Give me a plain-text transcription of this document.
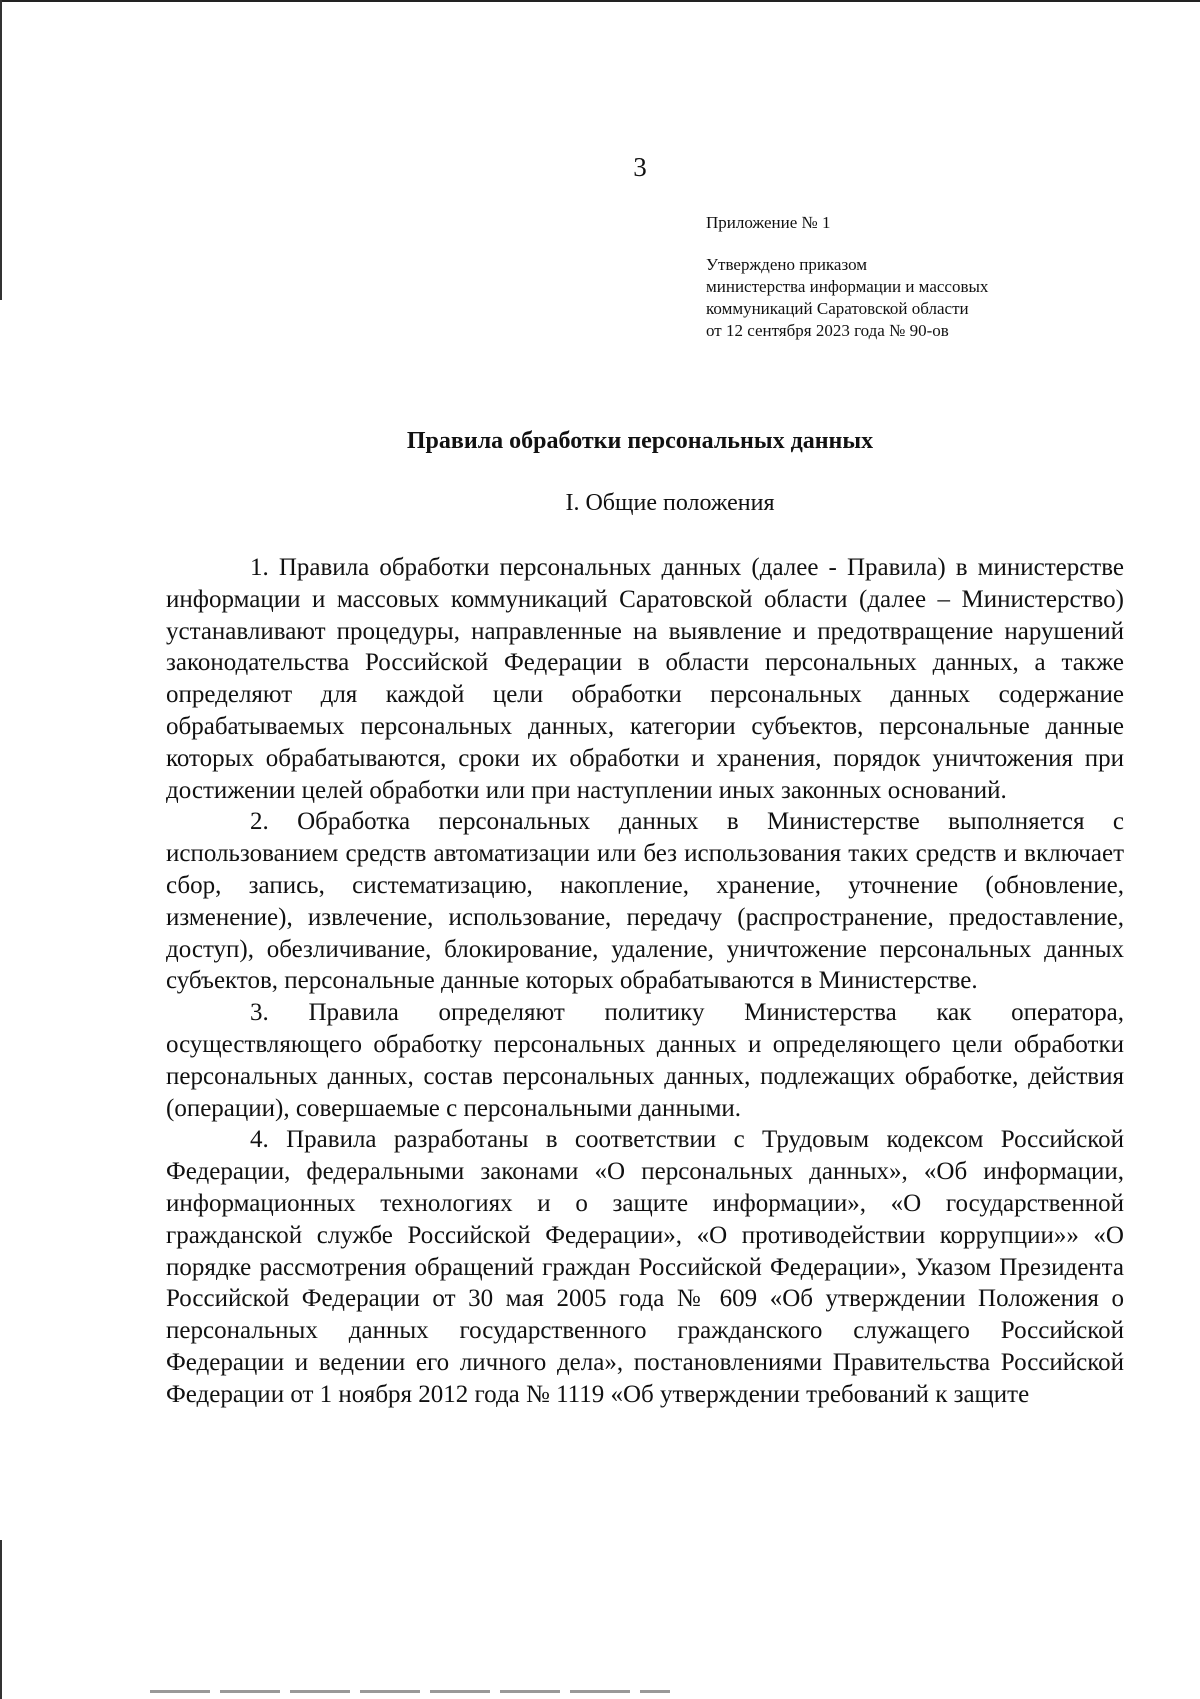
3
Приложение № 1
Утверждено приказом
министерства информации и массовых
коммуникаций Саратовской области
от 12 сентября 2023 года № 90-ов
Правила обработки персональных данных
I. Общие положения

1. Правила обработки персональных данных (далее - Правила) в министерстве информации и массовых коммуникаций Саратовской области (далее – Министерство) устанавливают процедуры, направленные на выявление и предотвращение нарушений законодательства Российской Федерации в области персональных данных, а также определяют для каждой цели обработки персональных данных содержание обрабатываемых персональных данных, категории субъектов, персональные данные которых обрабатываются, сроки их обработки и хранения, порядок уничтожения при достижении целей обработки или при наступлении иных законных оснований.

2. Обработка персональных данных в Министерстве выполняется с использованием средств автоматизации или без использования таких средств и включает сбор, запись, систематизацию, накопление, хранение, уточнение (обновление, изменение), извлечение, использование, передачу (распространение, предоставление, доступ), обезличивание, блокирование, удаление, уничтожение персональных данных субъектов, персональные данные которых обрабатываются в Министерстве.

3. Правила определяют политику Министерства как оператора, осуществляющего обработку персональных данных и определяющего цели обработки персональных данных, состав персональных данных, подлежащих обработке, действия (операции), совершаемые с персональными данными.

4. Правила разработаны в соответствии с Трудовым кодексом Российской Федерации, федеральными законами «О персональных данных», «Об информации, информационных технологиях и о защите информации», «О государственной гражданской службе Российской Федерации», «О противодействии коррупции»» «О порядке рассмотрения обращений граждан Российской Федерации», Указом Президента Российской Федерации от 30 мая 2005 года № 609 «Об утверждении Положения о персональных данных государственного гражданского служащего Российской Федерации и ведении его личного дела», постановлениями Правительства Российской Федерации от 1 ноября 2012 года № 1119 «Об утверждении требований к защите
